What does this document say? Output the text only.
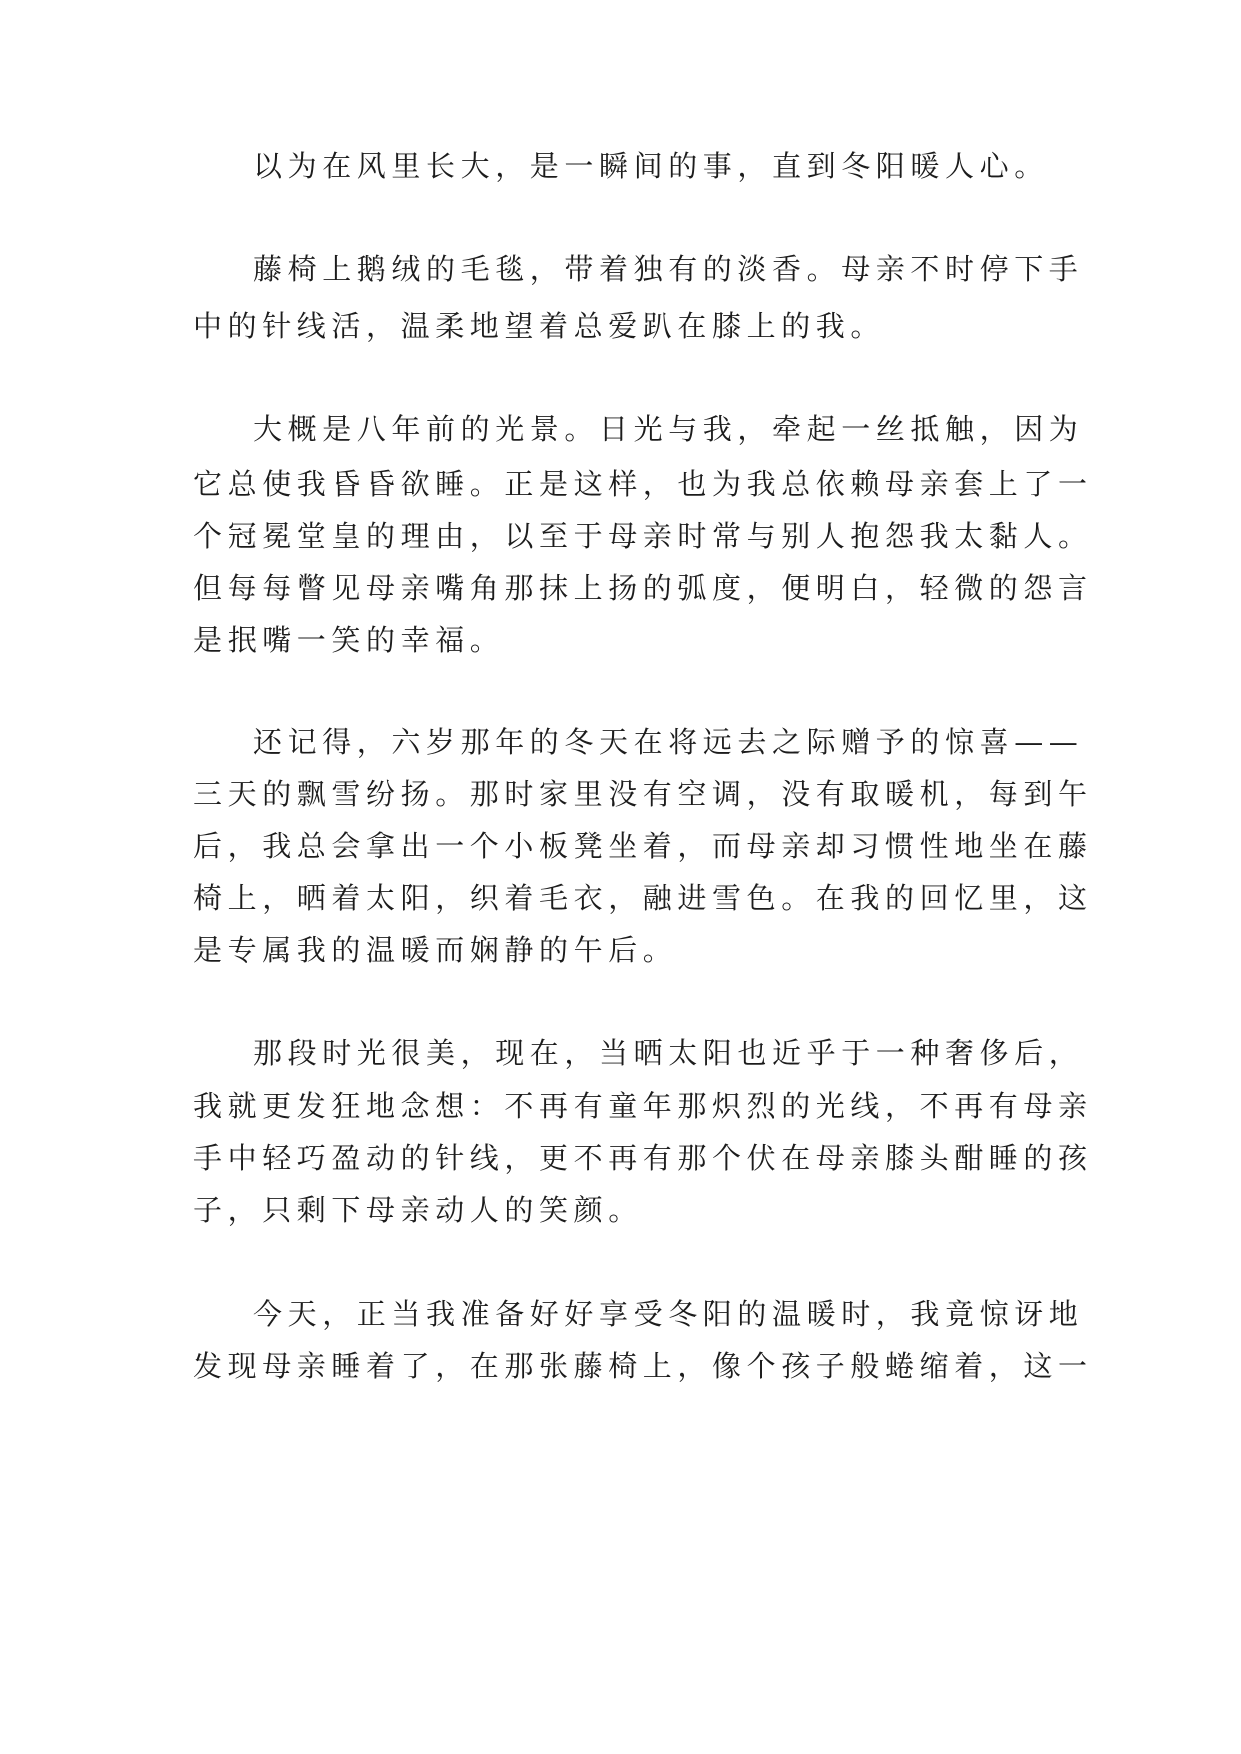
以为在风里长大，是一瞬间的事，直到冬阳暖人心。
藤椅上鹅绒的毛毯，带着独有的淡香。母亲不时停下手
中的针线活，温柔地望着总爱趴在膝上的我。
大概是八年前的光景。日光与我，牵起一丝抵触，因为
它总使我昏昏欲睡。正是这样，也为我总依赖母亲套上了一
个冠冕堂皇的理由，以至于母亲时常与别人抱怨我太黏人。
但每每瞥见母亲嘴角那抹上扬的弧度，便明白，轻微的怨言
是抿嘴一笑的幸福。
还记得，六岁那年的冬天在将远去之际赠予的惊喜——
三天的飘雪纷扬。那时家里没有空调，没有取暖机，每到午
后，我总会拿出一个小板凳坐着，而母亲却习惯性地坐在藤
椅上，晒着太阳，织着毛衣，融进雪色。在我的回忆里，这
是专属我的温暖而娴静的午后。
那段时光很美，现在，当晒太阳也近乎于一种奢侈后，
我就更发狂地念想：不再有童年那炽烈的光线，不再有母亲
手中轻巧盈动的针线，更不再有那个伏在母亲膝头酣睡的孩
子，只剩下母亲动人的笑颜。
今天，正当我准备好好享受冬阳的温暖时，我竟惊讶地
发现母亲睡着了，在那张藤椅上，像个孩子般蜷缩着，这一
